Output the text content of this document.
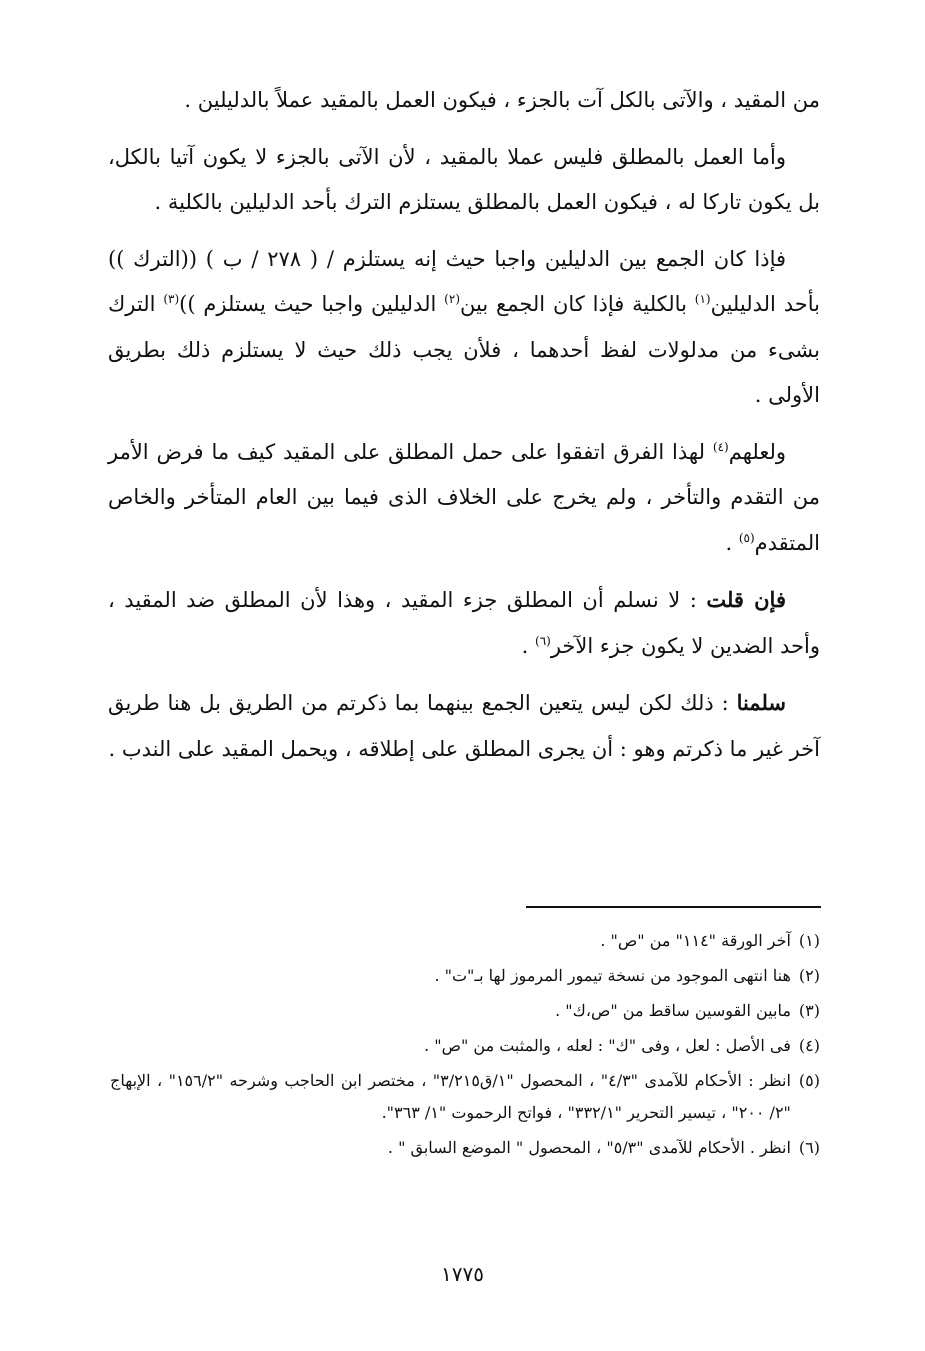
من المقيد ، والآتى بالكل آت بالجزء ، فيكون العمل بالمقيد عملاً بالدليلين .

وأما العمل بالمطلق فليس عملا بالمقيد ، لأن الآتى بالجزء لا يكون آتيا بالكل، بل يكون تاركا له ، فيكون العمل بالمطلق يستلزم الترك بأحد الدليلين بالكلية .

فإذا كان الجمع بين الدليلين واجبا حيث إنه يستلزم / ( ٢٧٨ / ب ) ((الترك )) بأحد الدليلين$^{(١)}$ بالكلية فإذا كان الجمع بين$^{(٢)}$ الدليلين واجبا حيث يستلزم ))$^{(٣)}$ الترك بشىء من مدلولات لفظ أحدهما ، فلأن يجب ذلك حيث لا يستلزم ذلك بطريق الأولى .

ولعلهم$^{(٤)}$ لهذا الفرق اتفقوا على حمل المطلق على المقيد كيف ما فرض الأمر من التقدم والتأخر ، ولم يخرج على الخلاف الذى فيما بين العام المتأخر والخاص المتقدم$^{(٥)}$ .

فإن قلت : لا نسلم أن المطلق جزء المقيد ، وهذا لأن المطلق ضد المقيد ، وأحد الضدين لا يكون جزء الآخر$^{(٦)}$ .

سلمنا : ذلك لكن ليس يتعين الجمع بينهما بما ذكرتم من الطريق بل هنا طريق آخر غير ما ذكرتم وهو : أن يجرى المطلق على إطلاقه ، ويحمل المقيد على الندب .

(١)
آخر الورقة "١١٤" من "ص" .
(٢)
هنا انتهى الموجود من نسخة تيمور المرموز لها بـ"ت" .
(٣)
مابين القوسين ساقط من "ص،ك" .
(٤)
فى الأصل : لعل ، وفى "ك" : لعله ، والمثبت من "ص" .
(٥)
انظر : الأحكام للآمدى "٤/٣" ، المحصول "١/ق٣/٢١٥" ، مختصر ابن الحاجب وشرحه "١٥٦/٢" ، الإبهاج "٢/ ٢٠٠" ، تيسير التحرير "٣٣٢/١" ، فواتح الرحموت "١/ ٣٦٣".
(٦)
انظر . الأحكام للآمدى "٥/٣" ، المحصول " الموضع السابق " .
١٧٧٥
